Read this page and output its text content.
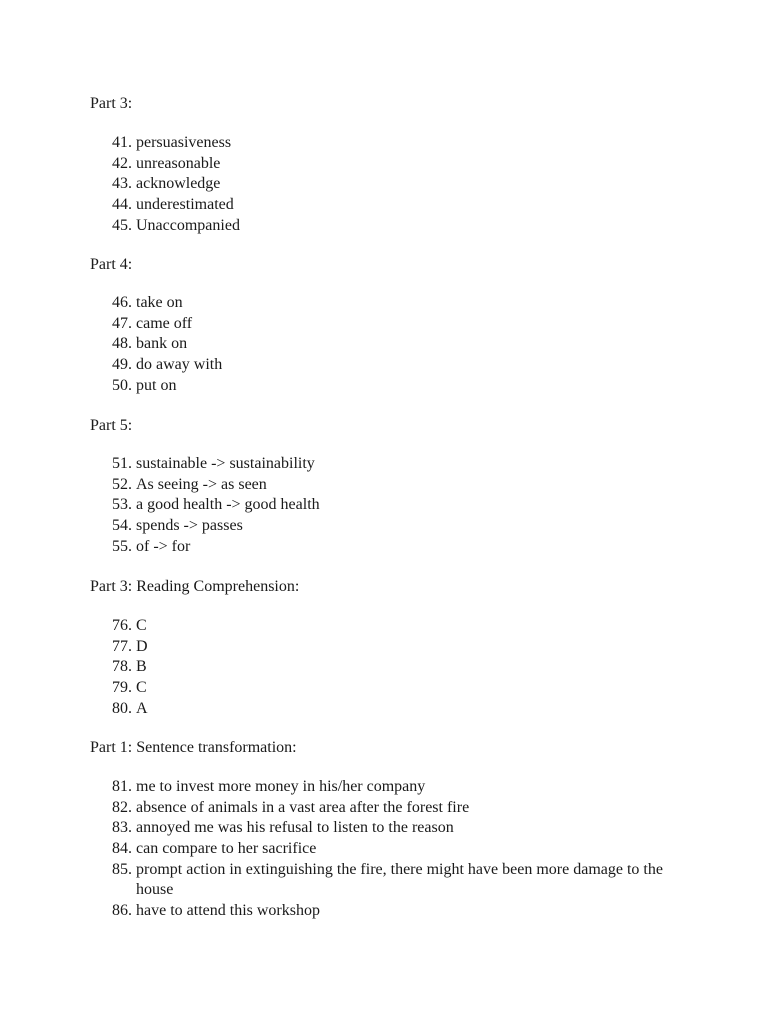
Part 3:
41. persuasiveness
42. unreasonable
43. acknowledge
44. underestimated
45. Unaccompanied
Part 4:
46. take on
47. came off
48. bank on
49. do away with
50. put on
Part 5:
51. sustainable -> sustainability
52. As seeing -> as seen
53. a good health -> good health
54. spends -> passes
55. of -> for
Part 3: Reading Comprehension:
76. C
77. D
78. B
79. C
80. A
Part 1: Sentence transformation:
81. me to invest more money in his/her company
82. absence of animals in a vast area after the forest fire
83. annoyed me was his refusal to listen to the reason
84. can compare to her sacrifice
85. prompt action in extinguishing the fire, there might have been more damage to the house
86. have to attend this workshop
